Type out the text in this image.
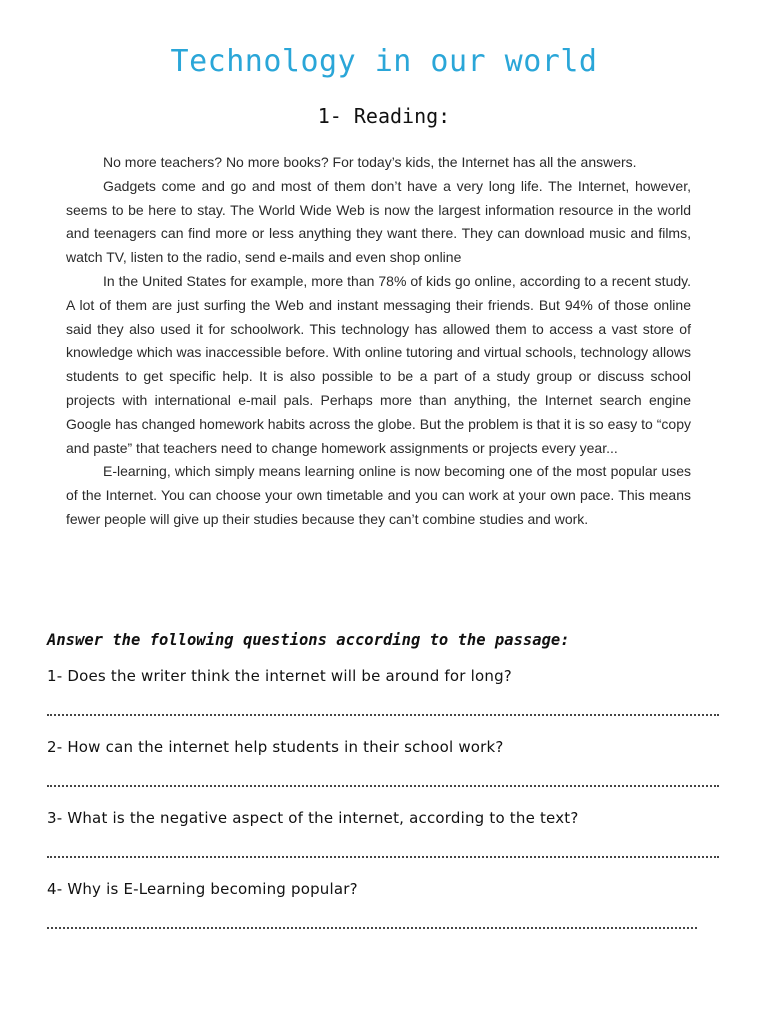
Technology in our world
1- Reading:

No more teachers? No more books? For today’s kids, the Internet has all the answers.

Gadgets come and go and most of them don’t have a very long life. The Internet, however, seems to be here to stay. The World Wide Web is now the largest information resource in the world and teenagers can find more or less anything they want there. They can download music and films, watch TV, listen to the radio, send e-mails and even shop online

In the United States for example, more than 78% of kids go online, according to a recent study. A lot of them are just surfing the Web and instant messaging their friends. But 94% of those online said they also used it for schoolwork. This technology has allowed them to access a vast store of knowledge which was inaccessible before. With online tutoring and virtual schools, technology allows students to get specific help. It is also possible to be a part of a study group or discuss school projects with international e-mail pals. Perhaps more than anything, the Internet search engine Google has changed homework habits across the globe. But the problem is that it is so easy to “copy and paste” that teachers need to change homework assignments or projects every year...

E-learning, which simply means learning online is now becoming one of the most popular uses of the Internet. You can choose your own timetable and you can work at your own pace. This means fewer people will give up their studies because they can’t combine studies and work.

Answer the following questions according to the passage:
1- Does the writer think the internet will be around for long?
2- How can the internet help students in their school work?
3- What is the negative aspect of the internet, according to the text?
4- Why is E-Learning becoming popular?
